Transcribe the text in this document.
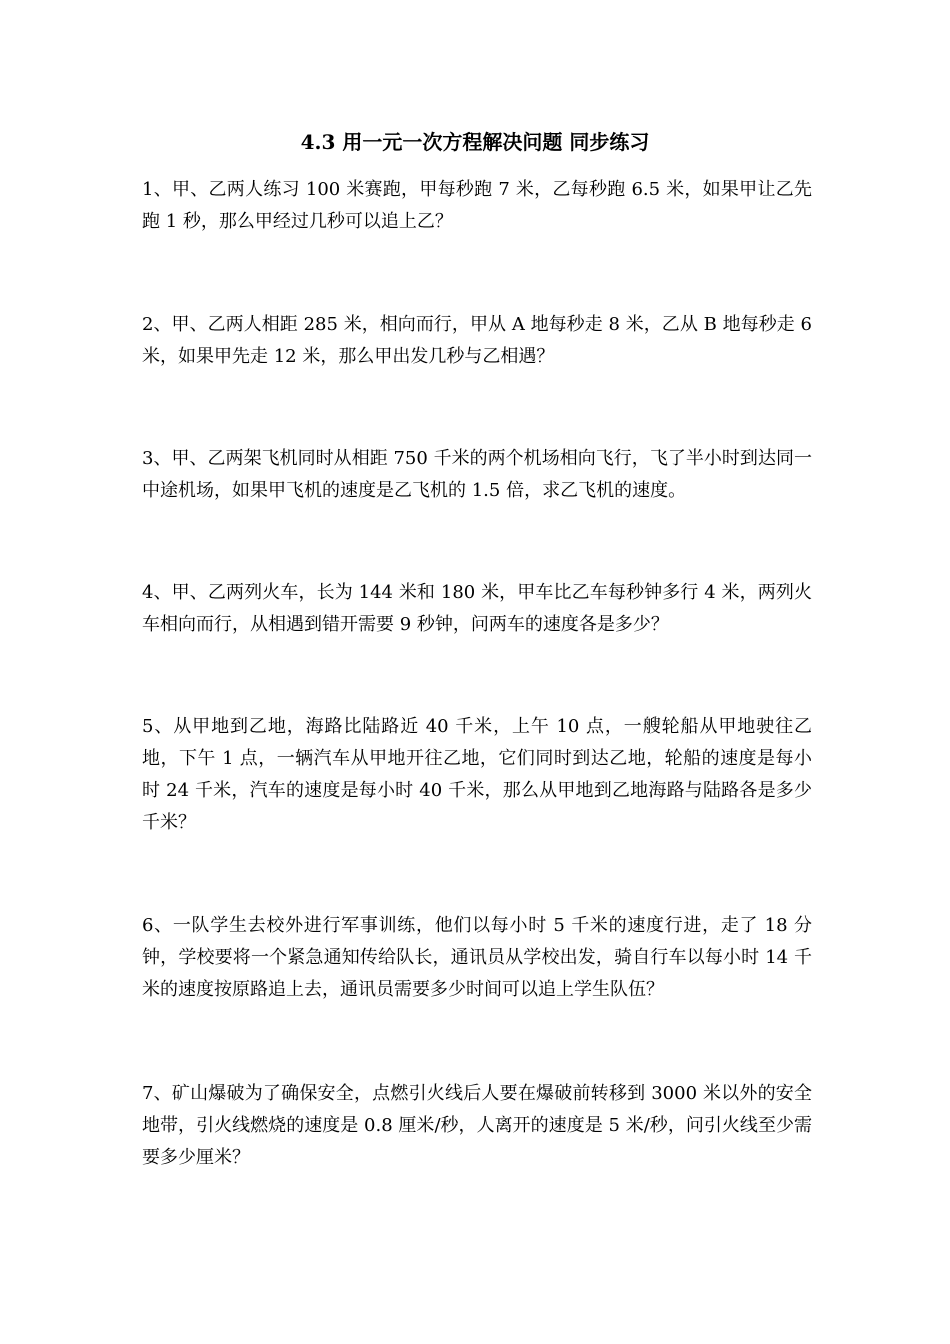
4.3 用一元一次方程解决问题 同步练习

1、甲、乙两人练习 100 米赛跑，甲每秒跑 7 米，乙每秒跑 6.5 米，如果甲让乙先跑 1 秒，那么甲经过几秒可以追上乙？

2、甲、乙两人相距 285 米，相向而行，甲从 A 地每秒走 8 米，乙从 B 地每秒走 6 米，如果甲先走 12 米，那么甲出发几秒与乙相遇？

3、甲、乙两架飞机同时从相距 750 千米的两个机场相向飞行，飞了半小时到达同一中途机场，如果甲飞机的速度是乙飞机的 1.5 倍，求乙飞机的速度。

4、甲、乙两列火车，长为 144 米和 180 米，甲车比乙车每秒钟多行 4 米，两列火车相向而行，从相遇到错开需要 9 秒钟，问两车的速度各是多少？

5、从甲地到乙地，海路比陆路近 40 千米，上午 10 点，一艘轮船从甲地驶往乙地，下午 1 点，一辆汽车从甲地开往乙地，它们同时到达乙地，轮船的速度是每小时 24 千米，汽车的速度是每小时 40 千米，那么从甲地到乙地海路与陆路各是多少千米？

6、一队学生去校外进行军事训练，他们以每小时 5 千米的速度行进，走了 18 分钟，学校要将一个紧急通知传给队长，通讯员从学校出发，骑自行车以每小时 14 千米的速度按原路追上去，通讯员需要多少时间可以追上学生队伍？

7、矿山爆破为了确保安全，点燃引火线后人要在爆破前转移到 3000 米以外的安全地带，引火线燃烧的速度是 0.8 厘米/秒，人离开的速度是 5 米/秒，问引火线至少需要多少厘米？
